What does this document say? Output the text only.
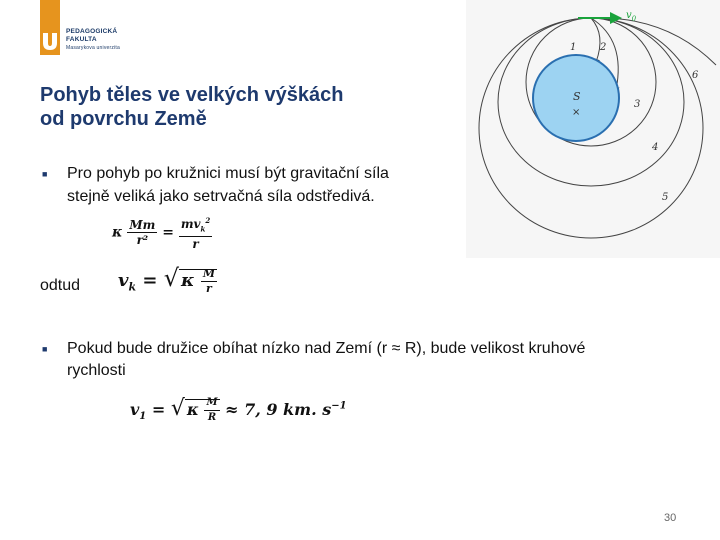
PEDAGOGICKÁ
FAKULTA
Masarykova univerzita
Pohyb těles ve velkých výškách
od povrchu Země
■ Pro pohyb po kružnici musí být gravitační síla
stejně veliká jako setrvačná síla odstředivá.
κ $\frac{Mm}{\text{r²}} = \frac{mv_k^2}{r}$
odtud $v_k$ = √ κ $\frac{M}{r}$
■ Pokud bude družice obíhat nízko nad Zemí (r ≈ R), bude velikost kruhové
rychlosti
$v_1$ = √ κ $\frac{M}{R} \approx 7$, 9 km. $s^{-1}$
S
×
$v_0$
1 2
3
4
5
6
30
